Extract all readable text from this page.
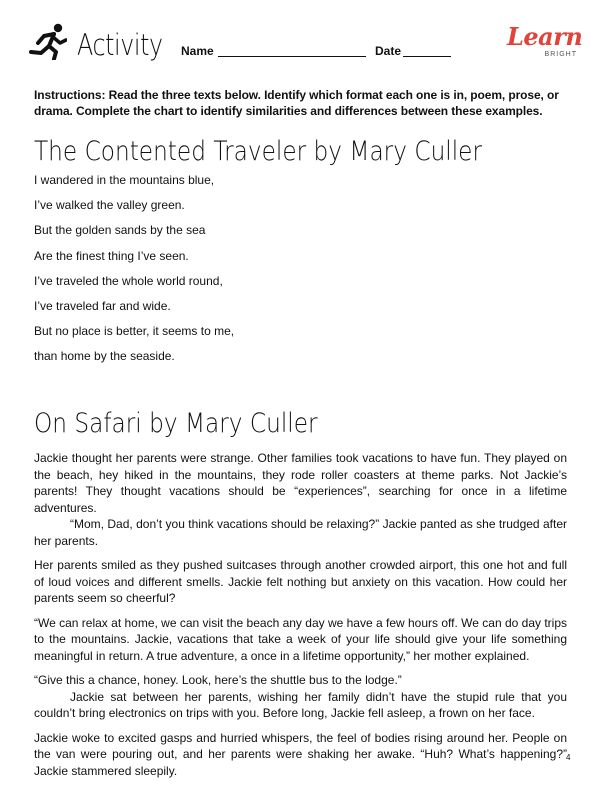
Activity Name	Date	Learn
BRIGHT
Instructions: Read the three texts below. Identify which format each one is in, poem, prose, or drama. Complete the chart to identify similarities and differences between these examples.
The Contented Traveler by Mary Culler
I wandered in the mountains blue,
I’ve walked the valley green.
But the golden sands by the sea
Are the finest thing I’ve seen.
I’ve traveled the whole world round,
I’ve traveled far and wide.
But no place is better, it seems to me,
than home by the seaside.
On Safari by Mary Culler

Jackie thought her parents were strange. Other families took vacations to have fun. They played on the beach, hey hiked in the mountains, they rode roller coasters at theme parks. Not Jackie’s parents! They thought vacations should be “experiences”, searching for once in a lifetime adventures.

“Mom, Dad, don’t you think vacations should be relaxing?” Jackie panted as she trudged after her parents.

Her parents smiled as they pushed suitcases through another crowded airport, this one hot and full of loud voices and different smells. Jackie felt nothing but anxiety on this vacation. How could her parents seem so cheerful?

“We can relax at home, we can visit the beach any day we have a few hours off. We can do day trips to the mountains. Jackie, vacations that take a week of your life should give your life something meaningful in return. A true adventure, a once in a lifetime opportunity,” her mother explained.

“Give this a chance, honey. Look, here’s the shuttle bus to the lodge.”

Jackie sat between her parents, wishing her family didn’t have the stupid rule that you couldn’t bring electronics on trips with you. Before long, Jackie fell asleep, a frown on her face.

Jackie woke to excited gasps and hurried whispers, the feel of bodies rising around her. People on the van were pouring out, and her parents were shaking her awake. “Huh? What’s happening?” Jackie stammered sleepily.

4
